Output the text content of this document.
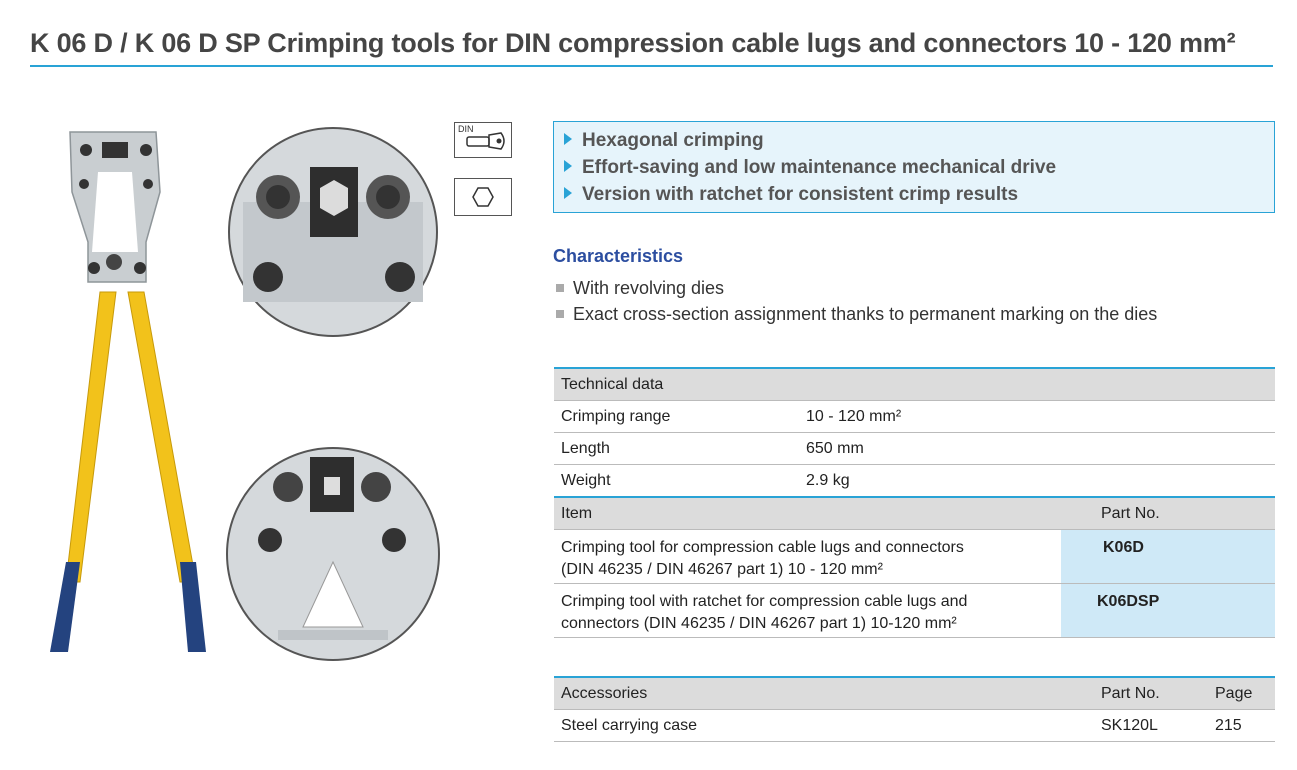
K 06 D / K 06 D SP Crimping tools for DIN compression cable lugs and connectors 10 - 120 mm²
DIN
Hexagonal crimping
Effort-saving and low maintenance mechanical drive
Version with ratchet for consistent crimp results
Characteristics
With revolving dies
Exact cross-section assignment thanks to permanent marking on the dies
Technical data	
Crimping range	10 - 120 mm²
Length	650 mm
Weight	2.9 kg
Item	Part No.

Crimping tool for compression cable lugs and connectors
(DIN 46235 / DIN 46267 part 1) 10 - 120 mm²	K06D

Crimping tool with ratchet for compression cable lugs and
connectors (DIN 46235 / DIN 46267 part 1) 10-120 mm²	K06DSP
Accessories	Part No.	Page
Steel carrying case	SK120L	215
